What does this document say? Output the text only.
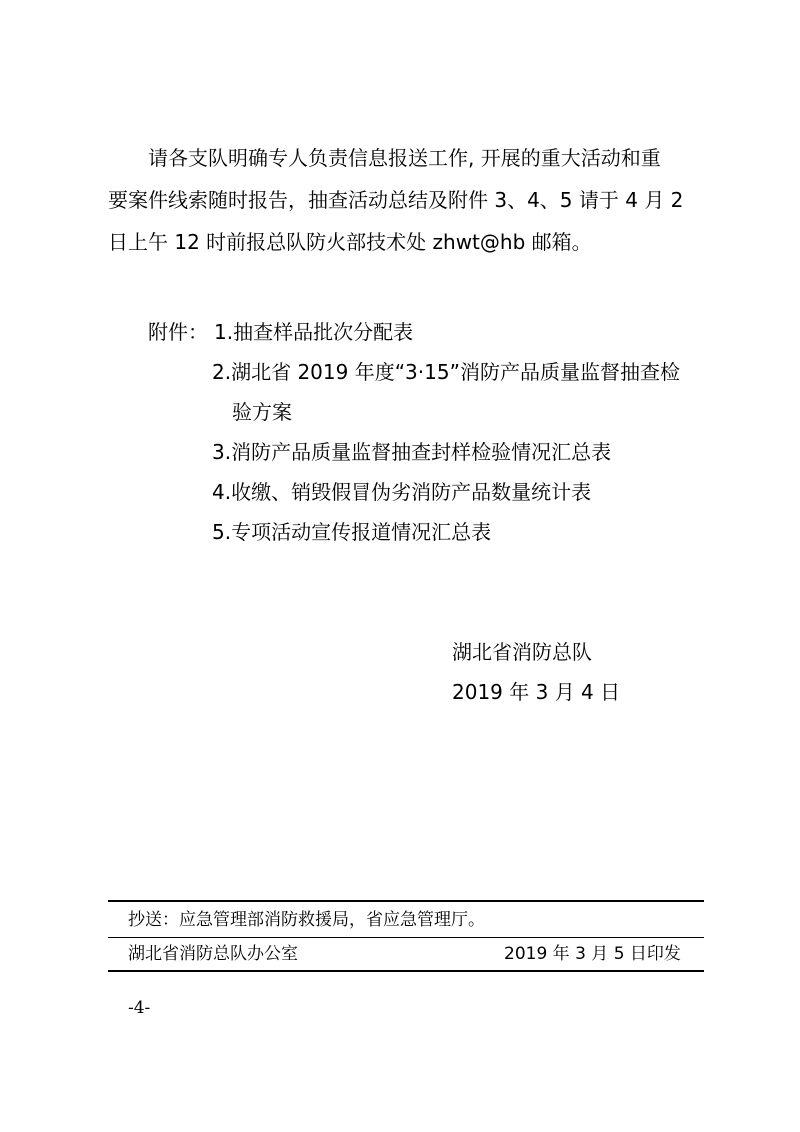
请各支队明确专人负责信息报送工作, 开展的重大活动和重

要案件线索随时报告，抽查活动总结及附件 3、4、5 请于 4 月 2

日上午 12 时前报总队防火部技术处 zhwt@hb 邮箱。

附件： 1.抽查样品批次分配表
2.湖北省 2019 年度“3·15”消防产品质量监督抽查检
验方案
3.消防产品质量监督抽查封样检验情况汇总表
4.收缴、销毁假冒伪劣消防产品数量统计表
5.专项活动宣传报道情况汇总表
湖北省消防总队
2019 年 3 月 4 日
抄送：应急管理部消防救援局，省应急管理厅。
湖北省消防总队办公室	2019 年 3 月 5 日印发
-4-
